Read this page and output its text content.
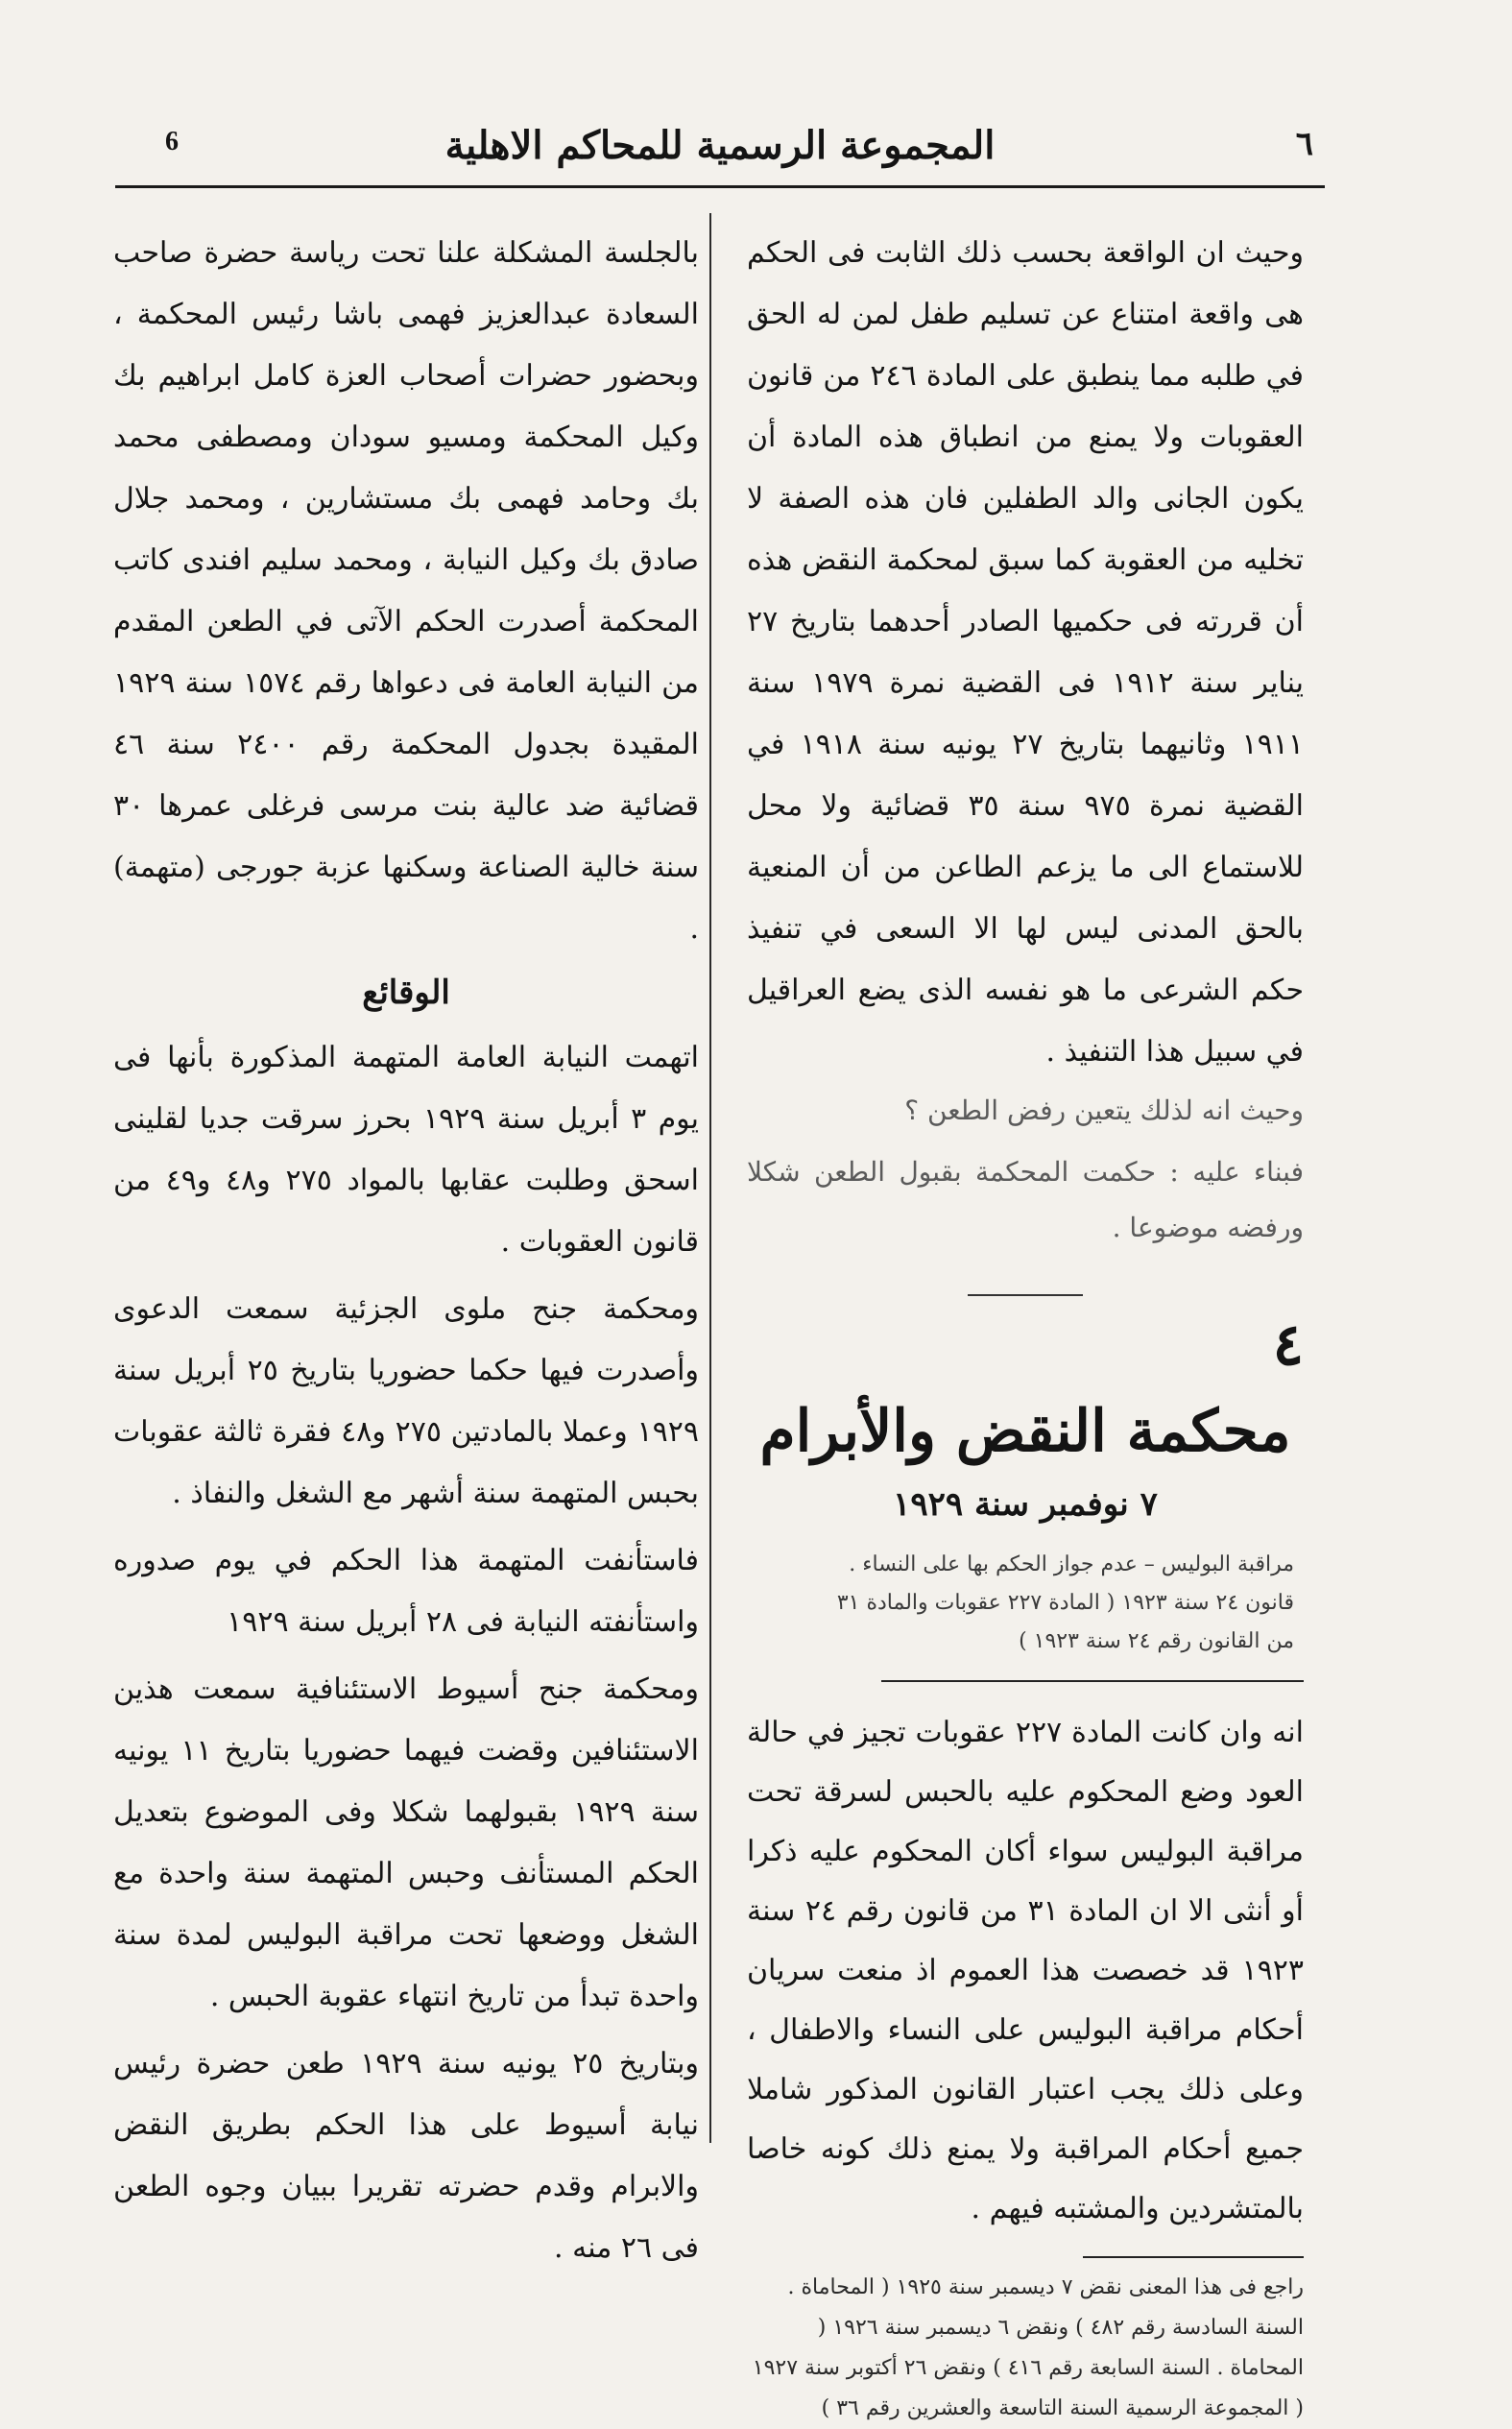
6	المجموعة الرسمية للمحاكم الاهلية	٦

بالجلسة المشكلة علنا تحت رياسة حضرة صاحب السعادة عبدالعزيز فهمى باشا رئيس المحكمة ، وبحضور حضرات أصحاب العزة كامل ابراهيم بك وكيل المحكمة ومسيو سودان ومصطفى محمد بك وحامد فهمى بك مستشارين ، ومحمد جلال صادق بك وكيل النيابة ، ومحمد سليم افندى كاتب المحكمة أصدرت الحكم الآتى في الطعن المقدم من النيابة العامة فى دعواها رقم ١٥٧٤ سنة ١٩٢٩ المقيدة بجدول المحكمة رقم ٢٤٠٠ سنة ٤٦ قضائية ضد عالية بنت مرسى فرغلى عمرها ٣٠ سنة خالية الصناعة وسكنها عزبة جورجى (متهمة) .

الوقائع

اتهمت النيابة العامة المتهمة المذكورة بأنها فى يوم ٣ أبريل سنة ١٩٢٩ بحرز سرقت جديا لقلينى اسحق وطلبت عقابها بالمواد ٢٧٥ و٤٨ و٤٩ من قانون العقوبات .

ومحكمة جنح ملوى الجزئية سمعت الدعوى وأصدرت فيها حكما حضوريا بتاريخ ٢٥ أبريل سنة ١٩٢٩ وعملا بالمادتين ٢٧٥ و٤٨ فقرة ثالثة عقوبات بحبس المتهمة سنة أشهر مع الشغل والنفاذ .

فاستأنفت المتهمة هذا الحكم في يوم صدوره واستأنفته النيابة فى ٢٨ أبريل سنة ١٩٢٩

ومحكمة جنح أسيوط الاستئنافية سمعت هذين الاستئنافين وقضت فيهما حضوريا بتاريخ ١١ يونيه سنة ١٩٢٩ بقبولهما شكلا وفى الموضوع بتعديل الحكم المستأنف وحبس المتهمة سنة واحدة مع الشغل ووضعها تحت مراقبة البوليس لمدة سنة واحدة تبدأ من تاريخ انتهاء عقوبة الحبس .

وبتاريخ ٢٥ يونيه سنة ١٩٢٩ طعن حضرة رئيس نيابة أسيوط على هذا الحكم بطريق النقض والابرام وقدم حضرته تقريرا ببيان وجوه الطعن فى ٢٦ منه .

وحيث ان الواقعة بحسب ذلك الثابت فى الحكم هى واقعة امتناع عن تسليم طفل لمن له الحق في طلبه مما ينطبق على المادة ٢٤٦ من قانون العقوبات ولا يمنع من انطباق هذه المادة أن يكون الجانى والد الطفلين فان هذه الصفة لا تخليه من العقوبة كما سبق لمحكمة النقض هذه أن قررته فى حكميها الصادر أحدهما بتاريخ ٢٧ يناير سنة ١٩١٢ فى القضية نمرة ١٩٧٩ سنة ١٩١١ وثانيهما بتاريخ ٢٧ يونيه سنة ١٩١٨ في القضية نمرة ٩٧٥ سنة ٣٥ قضائية ولا محل للاستماع الى ما يزعم الطاعن من أن المنعية بالحق المدنى ليس لها الا السعى في تنفيذ حكم الشرعى ما هو نفسه الذى يضع العراقيل في سبيل هذا التنفيذ .

وحيث انه لذلك يتعين رفض الطعن ؟

فبناء عليه : حكمت المحكمة بقبول الطعن شكلا ورفضه موضوعا .

٤
محكمة النقض والأبرام
٧ نوفمبر سنة ١٩٢٩
مراقبة البوليس – عدم جواز الحكم بها على النساء .
قانون ٢٤ سنة ١٩٢٣ ( المادة ٢٢٧ عقوبات والمادة ٣١
من القانون رقم ٢٤ سنة ١٩٢٣ )

انه وان كانت المادة ٢٢٧ عقوبات تجيز في حالة العود وضع المحكوم عليه بالحبس لسرقة تحت مراقبة البوليس سواء أكان المحكوم عليه ذكرا أو أنثى الا ان المادة ٣١ من قانون رقم ٢٤ سنة ١٩٢٣ قد خصصت هذا العموم اذ منعت سريان أحكام مراقبة البوليس على النساء والاطفال ، وعلى ذلك يجب اعتبار القانون المذكور شاملا جميع أحكام المراقبة ولا يمنع ذلك كونه خاصا بالمتشردين والمشتبه فيهم .

راجع فى هذا المعنى نقض ٧ ديسمبر سنة ١٩٢٥ ( المحاماة . السنة السادسة رقم ٤٨٢ ) ونقض ٦ ديسمبر سنة ١٩٢٦ ( المحاماة . السنة السابعة رقم ٤١٦ ) ونقض ٢٦ أكتوبر سنة ١٩٢٧ ( المجموعة الرسمية السنة التاسعة والعشرين رقم ٣٦ )
